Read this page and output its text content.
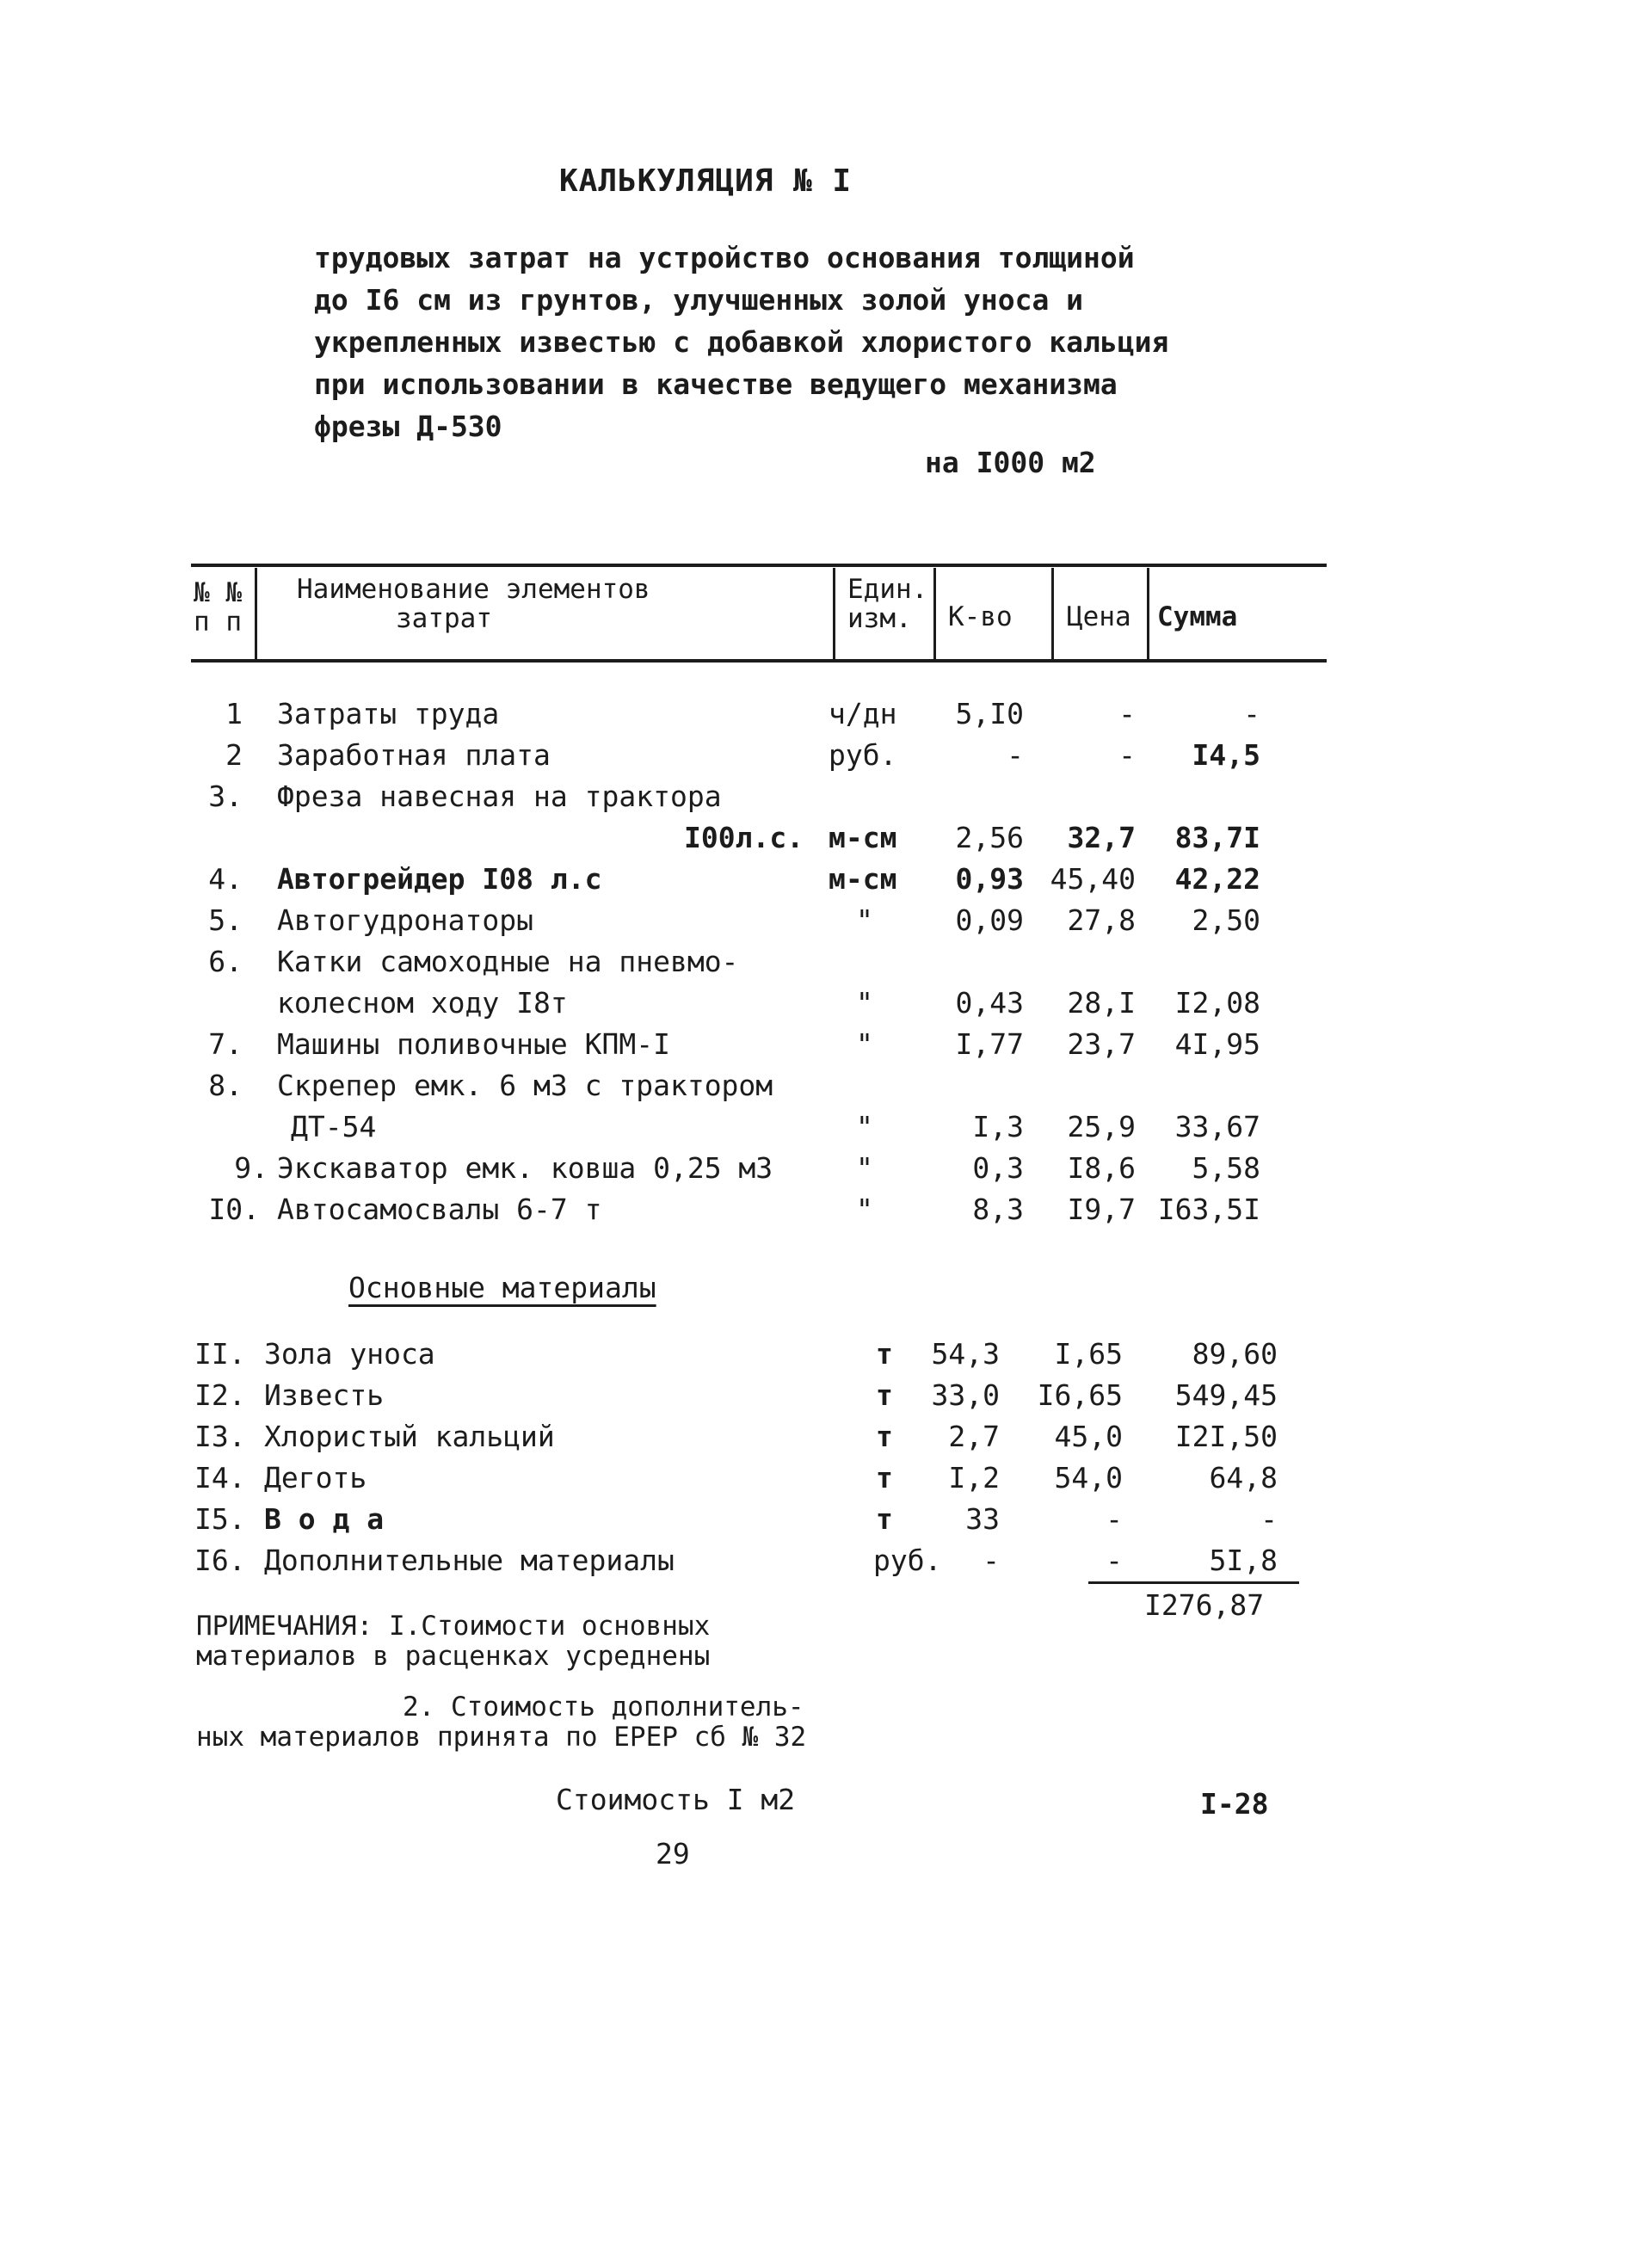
КАЛЬКУЛЯЦИЯ № I
трудовых затрат на устройство основания толщиной
до I6 см из грунтов, улучшенных золой уноса и
укрепленных известью с добавкой хлористого кальция
при использовании в качестве ведущего механизма
фрезы Д-530
на I000 м2
№ №
п п
Наименование элементов
затрат
Един.
изм.	К-во Цена Сумма
1 Затраты труда	ч/дн	5,I0	-	-
2 Заработная плата	руб.	-	-	I4,5
3. Фреза навесная на трактора
I00л.с. м-см	2,56	32,7	83,7I
4. Автогрейдер I08 л.с	м-см	0,93 45,40	42,22
5. Автогудронаторы	"	0,09	27,8	2,50
6. Катки самоходные на пневмо-
колесном ходу I8т	"	0,43	28,I	I2,08
7. Машины поливочные КПМ-I	"	I,77	23,7	4I,95
8. Скрепер емк. 6 м3 с трактором
ДТ-54	"	I,3	25,9	33,67
9. Экскаватор емк. ковша 0,25 м3	"	0,3	I8,6	5,58
I0. Автосамосвалы 6-7 т	"	8,3	I9,7 I63,5I
Основные материалы
II. Зола уноса	т	54,3	I,65	89,60
I2. Известь	т	33,0	I6,65	549,45
I3. Хлористый кальций	т	2,7	45,0	I2I,50
I4. Деготь	т	I,2	54,0	64,8
I5. В о д а	т	33	-	-
I6. Дополнительные материалы	руб.	-	-	5I,8
I276,87
ПРИМЕЧАНИЯ: I.Стоимости основных
материалов в расценках усреднены
2. Стоимость дополнитель-
ных материалов принята по ЕРЕР сб № 32
Стоимость I м2	I-28
29
